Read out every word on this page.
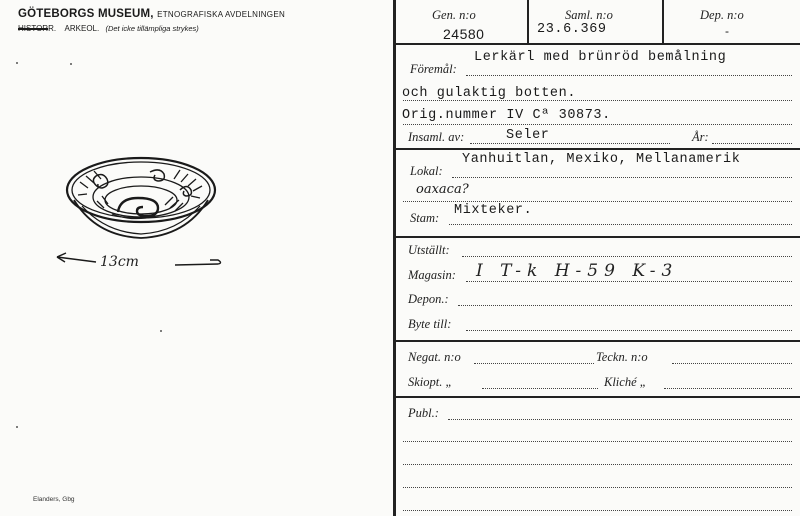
GÖTEBORGS MUSEUM, ETNOGRAFISKA AVDELNINGEN
HISTORR. ARKEOL. (Det icke tillämpliga strykes)
13cm
Elanders, Gbg
Gen. n:o
24580
Saml. n:o
23.6.369
Dep. n:o
-
Föremål:
Lerkärl med brünröd bemålning
och gulaktig botten.
Orig.nummer IV Cª 30873.
Insaml. av:	Seler	År:
Lokal:
Yanhuitlan, Mexiko, Mellanamerik
oaxaca?
Stam: Mixteker.
Utställt:
Magasin: I T-k H-59 K-3
Depon.:
Byte till:
Negat. n:o	Teckn. n:o
Skiopt. „	Kliché „
Publ.:
